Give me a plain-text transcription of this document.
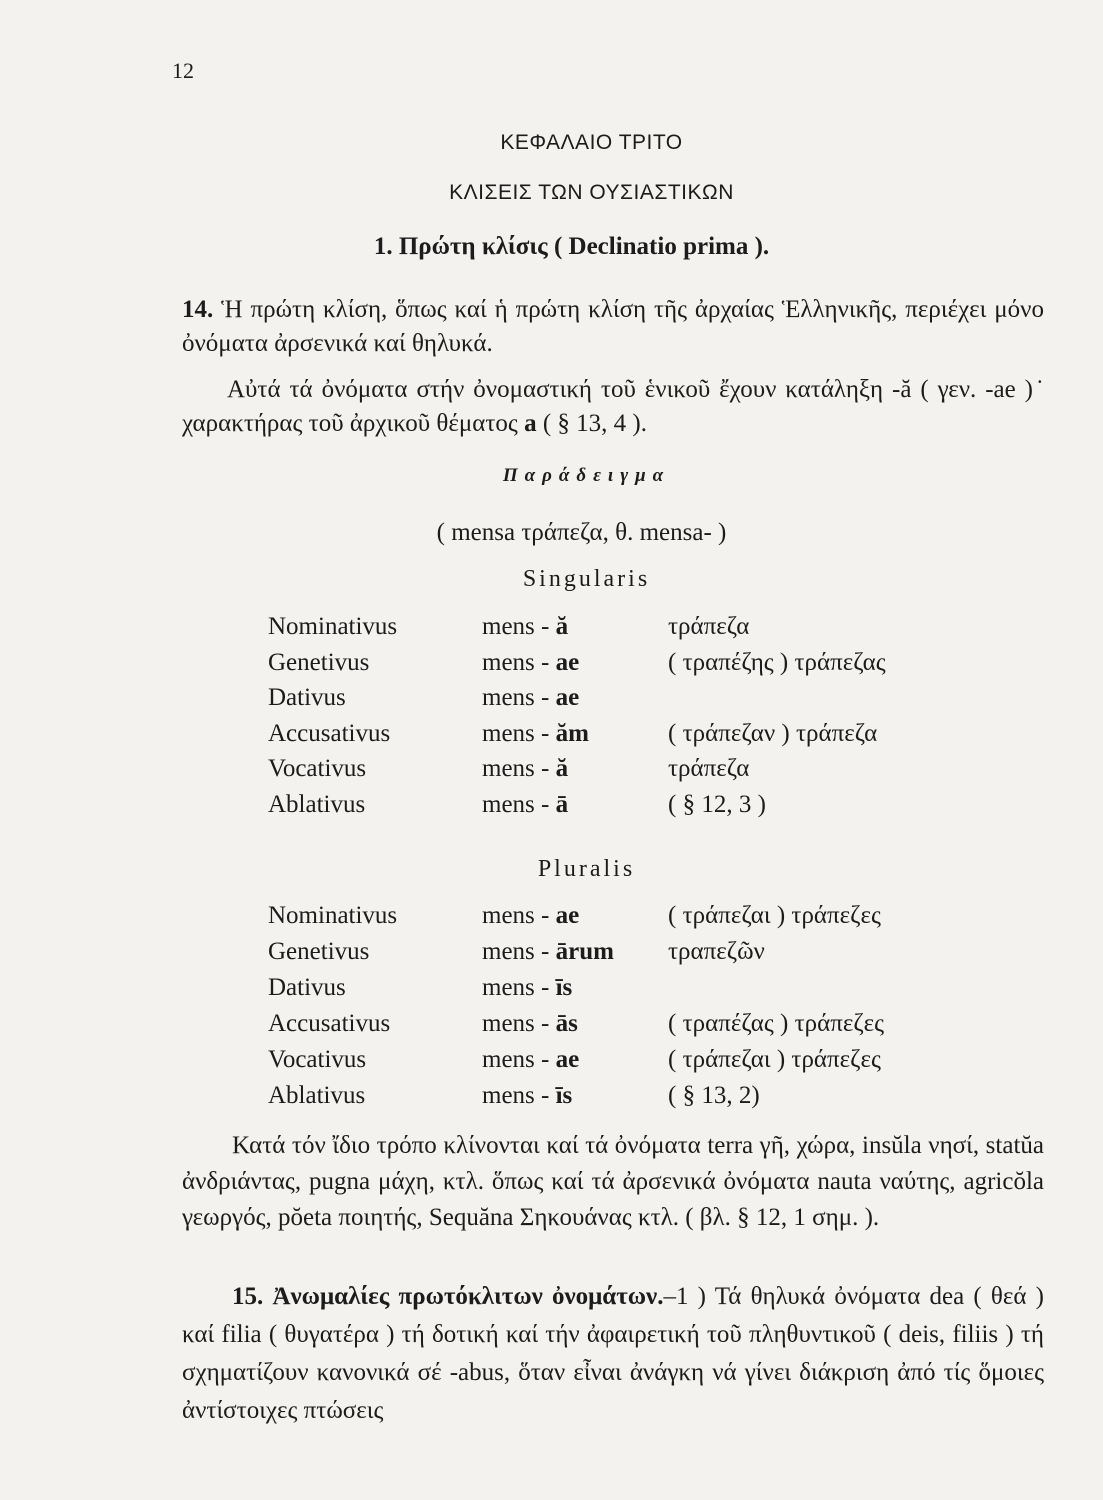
12
ΚΕΦΑΛΑΙΟ ΤΡΙΤΟ
ΚΛΙΣΕΙΣ ΤΩΝ ΟΥΣΙΑΣΤΙΚΩΝ
1. Πρώτη κλίσις ( Declinatio prima ).
14. Ἡ πρώτη κλίση, ὅπως καί ἡ πρώτη κλίση τῆς ἀρχαίας Ἑλληνικῆς, περιέχει μόνο ὀνόματα ἀρσενικά καί θηλυκά.
Αὐτά τά ὀνόματα στήν ὀνομαστική τοῦ ἑνικοῦ ἔχουν κατάληξη -ă ( γεν. -ae )˙ χαρακτήρας τοῦ ἀρχικοῦ θέματος a ( § 13, 4 ).
Παράδειγμα
( mensa τράπεζα, θ. mensa- )
Singularis
Nominativus	mens - ă	τράπεζα
Genetivus	mens - ae	( τραπέζης ) τράπεζας
Dativus	mens - ae
Accusativus	mens - ăm	( τράπεζαν ) τράπεζα
Vocativus	mens - ă	τράπεζα
Ablativus	mens - ā	( § 12, 3 )
Pluralis
Nominativus	mens - ae	( τράπεζαι ) τράπεζες
Genetivus	mens - ārum τραπεζῶν
Dativus	mens - īs
Accusativus	mens - ās	( τραπέζας ) τράπεζες
Vocativus	mens - ae	( τράπεζαι ) τράπεζες
Ablativus	mens - īs	( § 13, 2)
Κατά τόν ἴδιο τρόπο κλίνονται καί τά ὀνόματα terra γῆ, χώρα, insŭla νησί, statŭa ἀνδριάντας, pugna μάχη, κτλ. ὅπως καί τά ἀρσενικά ὀνόματα nauta ναύτης, agricŏla γεωργός, pŏeta ποιητής, Sequăna Σηκουάνας κτλ. ( βλ. § 12, 1 σημ. ).
15. Ἀνωμαλίες πρωτόκλιτων ὀνομάτων.–1 ) Τά θηλυκά ὀνόματα dea ( θεά ) καί filia ( θυγατέρα ) τή δοτική καί τήν ἀφαιρετική τοῦ πληθυντικοῦ ( deis, filiis ) τή σχηματίζουν κανονικά σέ -abus, ὅταν εἶναι ἀνάγκη νά γίνει διάκριση ἀπό τίς ὅμοιες ἀντίστοιχες πτώσεις
